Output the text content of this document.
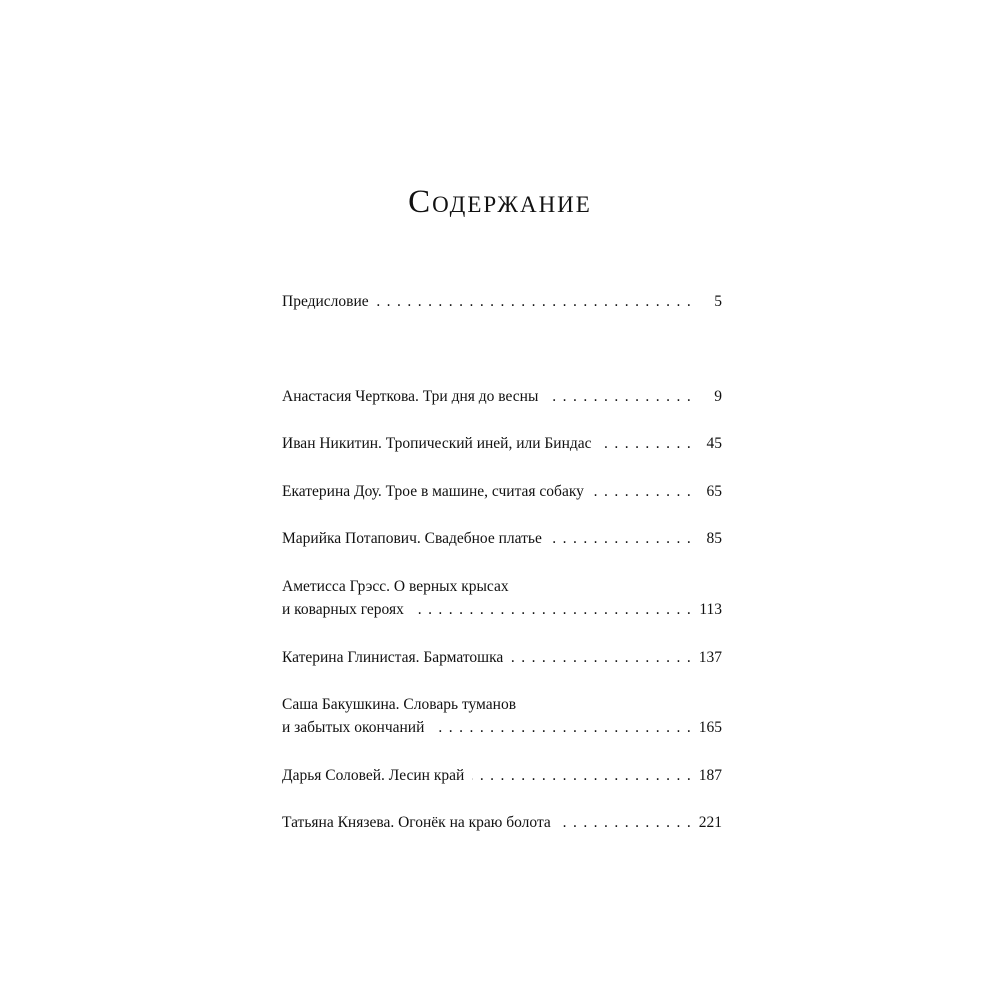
Содержание
Предисловие . . .	5
Анастасия Черткова. Три дня до весны . . .	9
Иван Никитин. Тропический иней, или Биндас . . .	45
Екатерина Доу. Трое в машине, считая собаку . . .	65
Марийка Потапович. Свадебное платье . . .	85
Аметисса Грэсс. О верных крысах
и коварных героях . . .	113
Катерина Глинистая. Барматошка . . .	137
Саша Бакушкина. Словарь туманов
и забытых окончаний . . .	165
Дарья Соловей. Лесин край . . .	187
Татьяна Князева. Огонёк на краю болота . . .	221
